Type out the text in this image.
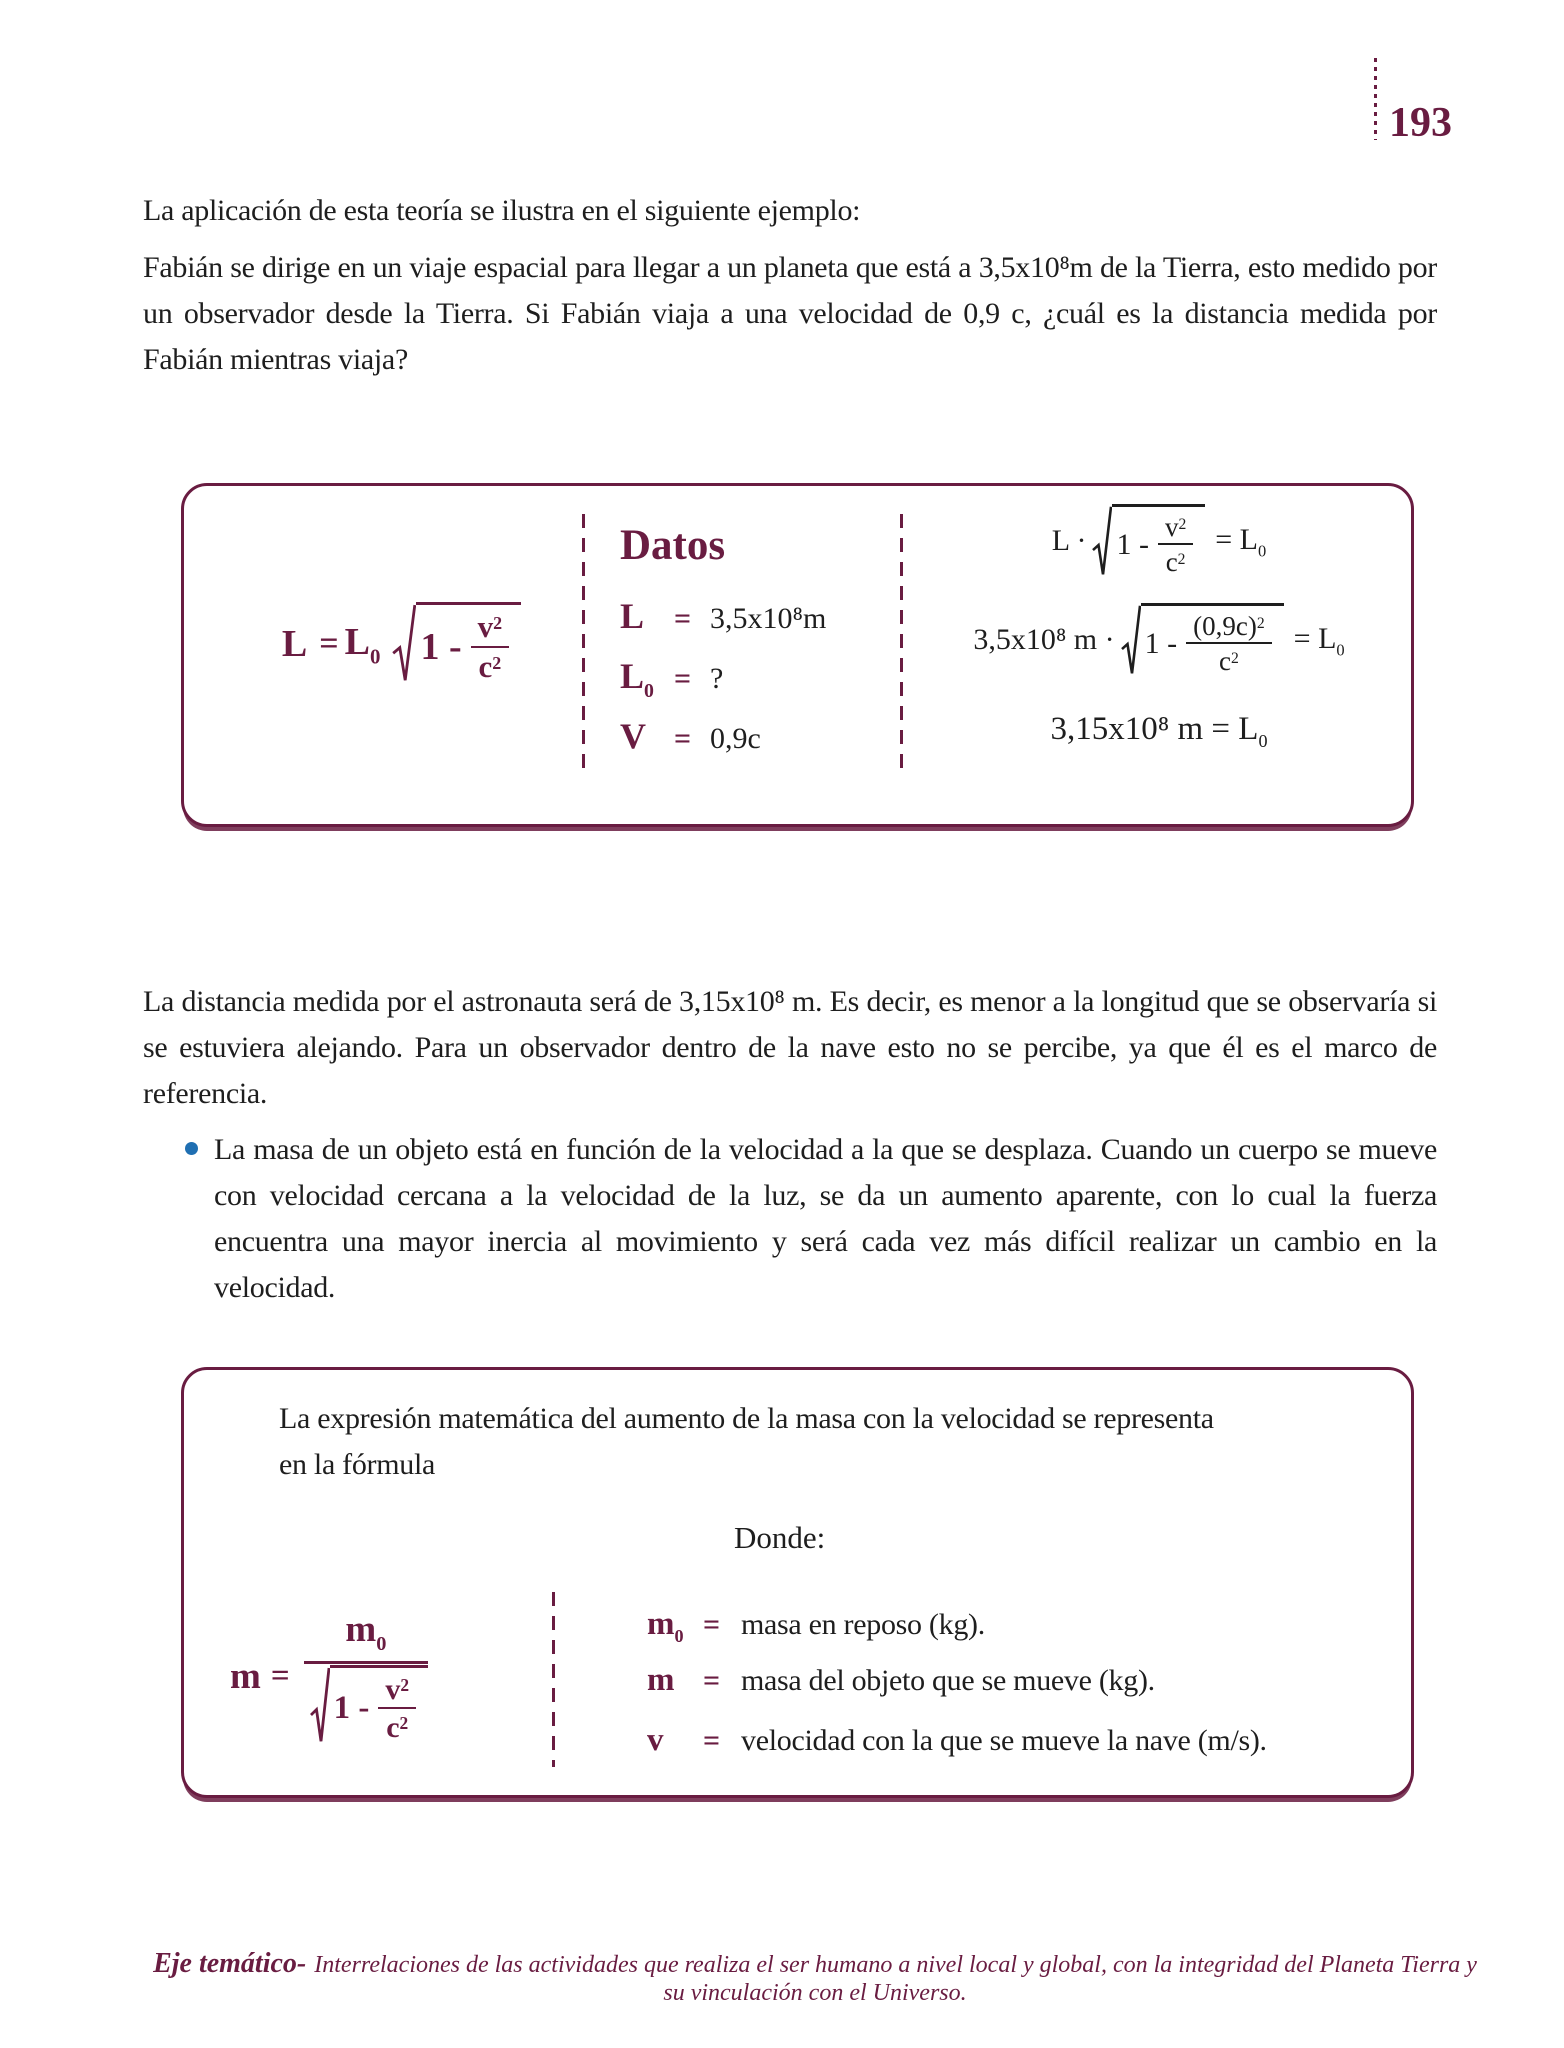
193

La aplicación de esta teoría se ilustra en el siguiente ejemplo:

Fabián se dirige en un viaje espacial para llegar a un planeta que está a 3,5x10⁸m de la Tierra, esto medido por un observador desde la Tierra. Si Fabián viaja a una velocidad de 0,9 c, ¿cuál es la distancia medida por Fabián mientras viaja?

$L = L_0$ $1 - \frac{v^2}{c^2}$
Datos
L = 3,5x10⁸m
$L_0$ = ?
V = 0,9c
$L \cdot 1 - \frac{v^2}{c^2} = L_0$
3,5x10⁸ $m \cdot 1 - \frac{(0,9c)^2}{c^2} = L_0$
3,15x10⁸ $m = L_0$

La distancia medida por el astronauta será de 3,15x10⁸ m. Es decir, es menor a la longitud que se observaría si se estuviera alejando. Para un observador dentro de la nave esto no se percibe, ya que él es el marco de referencia.

La masa de un objeto está en función de la velocidad a la que se desplaza. Cuando un cuerpo se mueve con velocidad cercana a la velocidad de la luz, se da un aumento aparente, con lo cual la fuerza encuentra una mayor inercia al movimiento y será cada vez más difícil realizar un cambio en la velocidad.

La expresión matemática del aumento de la masa con la velocidad se representa
en la fórmula

Donde:

$m = \frac{m_0}{1 - \frac{v^2}{c^2}}$	$m_0$ = masa en reposo (kg).
m = masa del objeto que se mueve (kg).
v	= velocidad con la que se mueve la nave (m/s).
Eje temático- Interrelaciones de las actividades que realiza el ser humano a nivel local y global, con la integridad del Planeta Tierra y su vinculación con el Universo.
